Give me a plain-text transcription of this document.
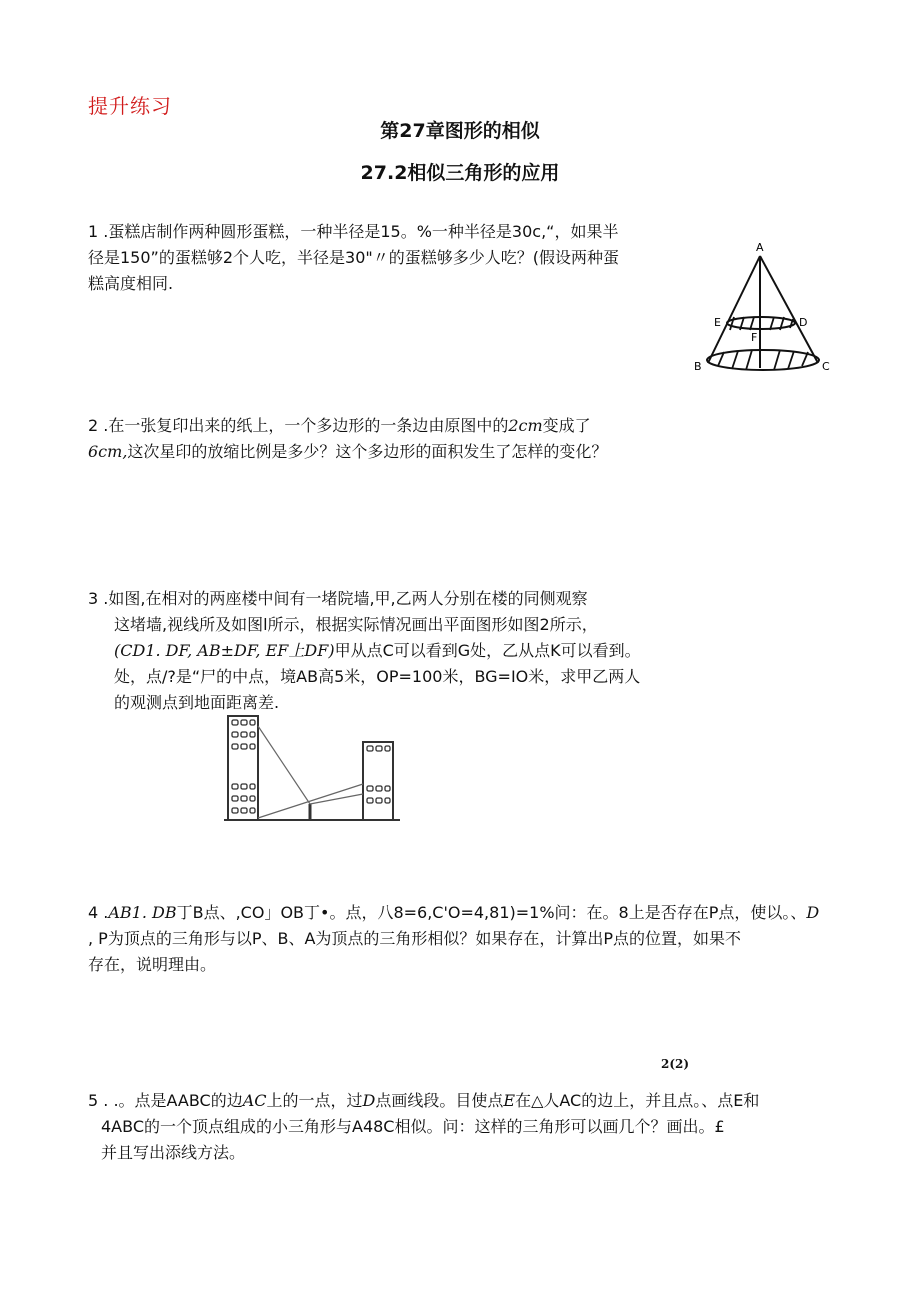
提升练习
第27章图形的相似
27.2相似三角形的应用
1 .蛋糕店制作两种圆形蛋糕，一种半径是15。%一种半径是30c,“，如果半
径是150”的蛋糕够2个人吃，半径是30"〃的蛋糕够多少人吃？(假设两种蛋
糕高度相同.
A
E	D
F
B	C
2 .在一张复印出来的纸上，一个多边形的一条边由原图中的2cm变成了
6cm,这次星印的放缩比例是多少？这个多边形的面积发生了怎样的变化？
3 .如图,在相对的两座楼中间有一堵院墙,甲,乙两人分别在楼的同侧观察
这堵墙,视线所及如图l所示，根据实际情况画出平面图形如图2所示，
(CD1. DF, AB±DF, EF上DF)甲从点C可以看到G处，乙从点K可以看到。
处，点/?是“尸的中点，境AB高5米，OP=100米，BG=IO米，求甲乙两人
的观测点到地面距离差.
4 .AB1. DB丁B点、,CO」OB丁•。点，八8=6,C'O=4,81)=1%问：在。8上是否存在P点，使以。、D
, P为顶点的三角形与以P、B、A为顶点的三角形相似？如果存在，计算出P点的位置，如果不
存在，说明理由。
2(2)
5 . .。点是AABC的边AC上的一点，过D点画线段。目使点E在△人AC的边上，并且点。、点E和
4ABC的一个顶点组成的小三角形与A48C相似。问：这样的三角形可以画几个？画出。£
并且写出添线方法。
